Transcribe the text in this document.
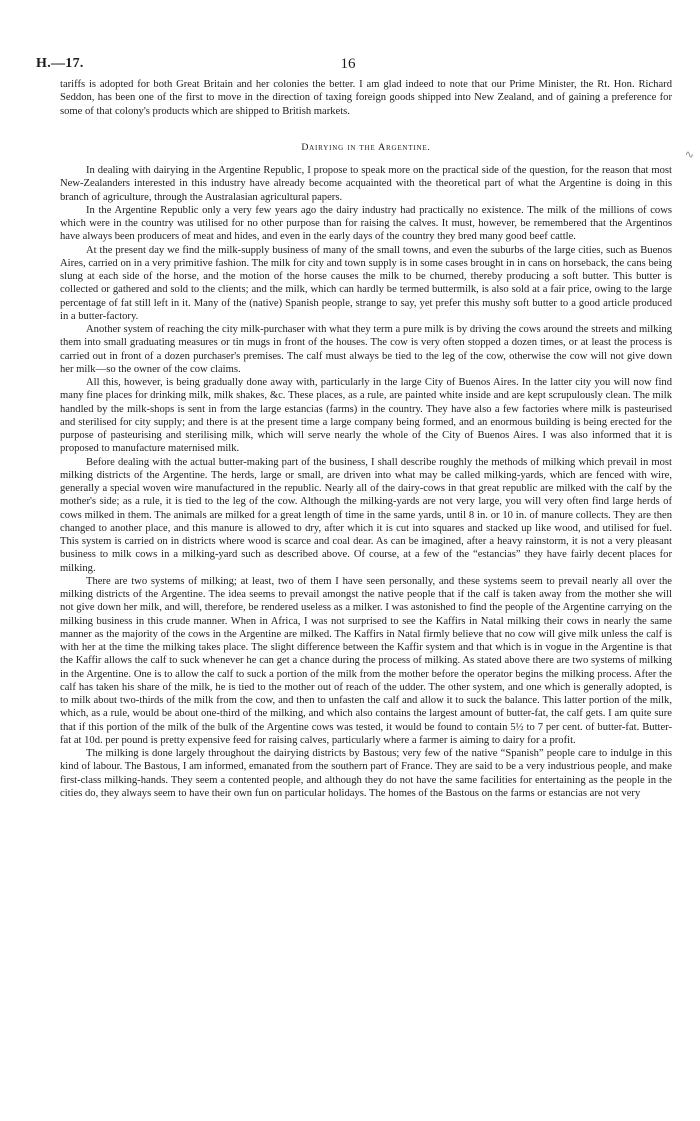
H.—17.	16
∿

tariffs is adopted for both Great Britain and her colonies the better. I am glad indeed to note that our Prime Minister, the Rt. Hon. Richard Seddon, has been one of the first to move in the direction of taxing foreign goods shipped into New Zealand, and of gaining a preference for some of that colony's products which are shipped to British markets.

Dairying in the Argentine.

In dealing with dairying in the Argentine Republic, I propose to speak more on the practical side of the question, for the reason that most New-Zealanders interested in this industry have already become acquainted with the theoretical part of what the Argentine is doing in this branch of agriculture, through the Australasian agricultural papers.

In the Argentine Republic only a very few years ago the dairy industry had practically no existence. The milk of the millions of cows which were in the country was utilised for no other purpose than for raising the calves. It must, however, be remembered that the Argentinos have always been producers of meat and hides, and even in the early days of the country they bred many good beef cattle.

At the present day we find the milk-supply business of many of the small towns, and even the suburbs of the large cities, such as Buenos Aires, carried on in a very primitive fashion. The milk for city and town supply is in some cases brought in in cans on horseback, the cans being slung at each side of the horse, and the motion of the horse causes the milk to be churned, thereby producing a soft butter. This butter is collected or gathered and sold to the clients; and the milk, which can hardly be termed buttermilk, is also sold at a fair price, owing to the large percentage of fat still left in it. Many of the (native) Spanish people, strange to say, yet prefer this mushy soft butter to a good article produced in a butter-factory.

Another system of reaching the city milk-purchaser with what they term a pure milk is by driving the cows around the streets and milking them into small graduating measures or tin mugs in front of the houses. The cow is very often stopped a dozen times, or at least the process is carried out in front of a dozen purchaser's premises. The calf must always be tied to the leg of the cow, otherwise the cow will not give down her milk—so the owner of the cow claims.

All this, however, is being gradually done away with, particularly in the large City of Buenos Aires. In the latter city you will now find many fine places for drinking milk, milk shakes, &c. These places, as a rule, are painted white inside and are kept scrupulously clean. The milk handled by the milk-shops is sent in from the large estancias (farms) in the country. They have also a few factories where milk is pasteurised and sterilised for city supply; and there is at the present time a large company being formed, and an enormous building is being erected for the purpose of pasteurising and sterilising milk, which will serve nearly the whole of the City of Buenos Aires. I was also informed that it is proposed to manufacture maternised milk.

Before dealing with the actual butter-making part of the business, I shall describe roughly the methods of milking which prevail in most milking districts of the Argentine. The herds, large or small, are driven into what may be called milking-yards, which are fenced with wire, generally a special woven wire manufactured in the republic. Nearly all of the dairy-cows in that great republic are milked with the calf by the mother's side; as a rule, it is tied to the leg of the cow. Although the milking-yards are not very large, you will very often find large herds of cows milked in them. The animals are milked for a great length of time in the same yards, until 8 in. or 10 in. of manure collects. They are then changed to another place, and this manure is allowed to dry, after which it is cut into squares and stacked up like wood, and utilised for fuel. This system is carried on in districts where wood is scarce and coal dear. As can be imagined, after a heavy rainstorm, it is not a very pleasant business to milk cows in a milking-yard such as described above. Of course, at a few of the “estancias” they have fairly decent places for milking.

There are two systems of milking; at least, two of them I have seen personally, and these systems seem to prevail nearly all over the milking districts of the Argentine. The idea seems to prevail amongst the native people that if the calf is taken away from the mother she will not give down her milk, and will, therefore, be rendered useless as a milker. I was astonished to find the people of the Argentine carrying on the milking business in this crude manner. When in Africa, I was not surprised to see the Kaffirs in Natal milking their cows in nearly the same manner as the majority of the cows in the Argentine are milked. The Kaffirs in Natal firmly believe that no cow will give milk unless the calf is with her at the time the milking takes place. The slight difference between the Kaffir system and that which is in vogue in the Argentine is that the Kaffir allows the calf to suck whenever he can get a chance during the process of milking. As stated above there are two systems of milking in the Argentine. One is to allow the calf to suck a portion of the milk from the mother before the operator begins the milking process. After the calf has taken his share of the milk, he is tied to the mother out of reach of the udder. The other system, and one which is generally adopted, is to milk about two-thirds of the milk from the cow, and then to unfasten the calf and allow it to suck the balance. This latter portion of the milk, which, as a rule, would be about one-third of the milking, and which also contains the largest amount of butter-fat, the calf gets. I am quite sure that if this portion of the milk of the bulk of the Argentine cows was tested, it would be found to contain 5½ to 7 per cent. of butter-fat. Butter-fat at 10d. per pound is pretty expensive feed for raising calves, particularly where a farmer is aiming to dairy for a profit.

The milking is done largely throughout the dairying districts by Bastous; very few of the native “Spanish” people care to indulge in this kind of labour. The Bastous, I am informed, emanated from the southern part of France. They are said to be a very industrious people, and make first-class milking-hands. They seem a contented people, and although they do not have the same facilities for entertaining as the people in the cities do, they always seem to have their own fun on particular holidays. The homes of the Bastous on the farms or estancias are not very
